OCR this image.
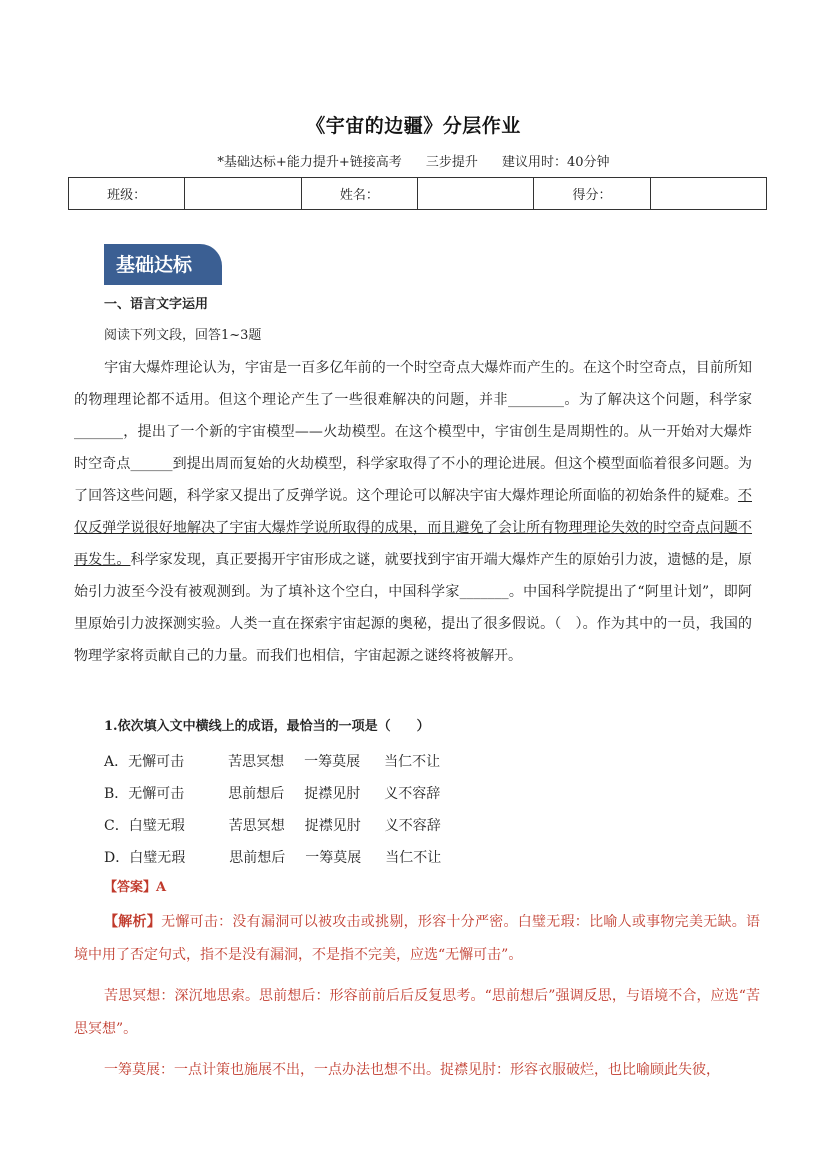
《宇宙的边疆》分层作业
*基础达标+能力提升+链接高考 三步提升 建议用时：40分钟
班级：		姓名：		得分：	
基础达标
一、语言文字运用
阅读下列文段，回答1~3题
宇宙大爆炸理论认为，宇宙是一百多亿年前的一个时空奇点大爆炸而产生的。在这个时空奇点，目前所知的物理理论都不适用。但这个理论产生了一些很难解决的问题，并非________。为了解决这个问题，科学家_______，提出了一个新的宇宙模型——火劫模型。在这个模型中，宇宙创生是周期性的。从一开始对大爆炸时空奇点______到提出周而复始的火劫模型，科学家取得了不小的理论进展。但这个模型面临着很多问题。为了回答这些问题，科学家又提出了反弹学说。这个理论可以解决宇宙大爆炸理论所面临的初始条件的疑难。不仅反弹学说很好地解决了宇宙大爆炸学说所取得的成果，而且避免了会让所有物理理论失效的时空奇点问题不再发生。科学家发现，真正要揭开宇宙形成之谜，就要找到宇宙开端大爆炸产生的原始引力波，遗憾的是，原始引力波至今没有被观测到。为了填补这个空白，中国科学家_______。中国科学院提出了“阿里计划”，即阿里原始引力波探测实验。人类一直在探索宇宙起源的奥秘，提出了很多假说。（　）。作为其中的一员，我国的物理学家将贡献自己的力量。而我们也相信，宇宙起源之谜终将被解开。
1.依次填入文中横线上的成语，最恰当的一项是（　　）
A．无懈可击	苦思冥想 一筹莫展 当仁不让
B．无懈可击	思前想后 捉襟见肘 义不容辞
C．白璧无瑕	苦思冥想 捉襟见肘 义不容辞
D．白璧无瑕	思前想后 一筹莫展 当仁不让
【答案】A

【解析】无懈可击：没有漏洞可以被攻击或挑剔，形容十分严密。白璧无瑕：比喻人或事物完美无缺。语境中用了否定句式，指不是没有漏洞，不是指不完美，应选“无懈可击”。

苦思冥想：深沉地思索。思前想后：形容前前后后反复思考。“思前想后”强调反思，与语境不合，应选“苦思冥想”。

一筹莫展：一点计策也施展不出，一点办法也想不出。捉襟见肘：形容衣服破烂，也比喻顾此失彼，
